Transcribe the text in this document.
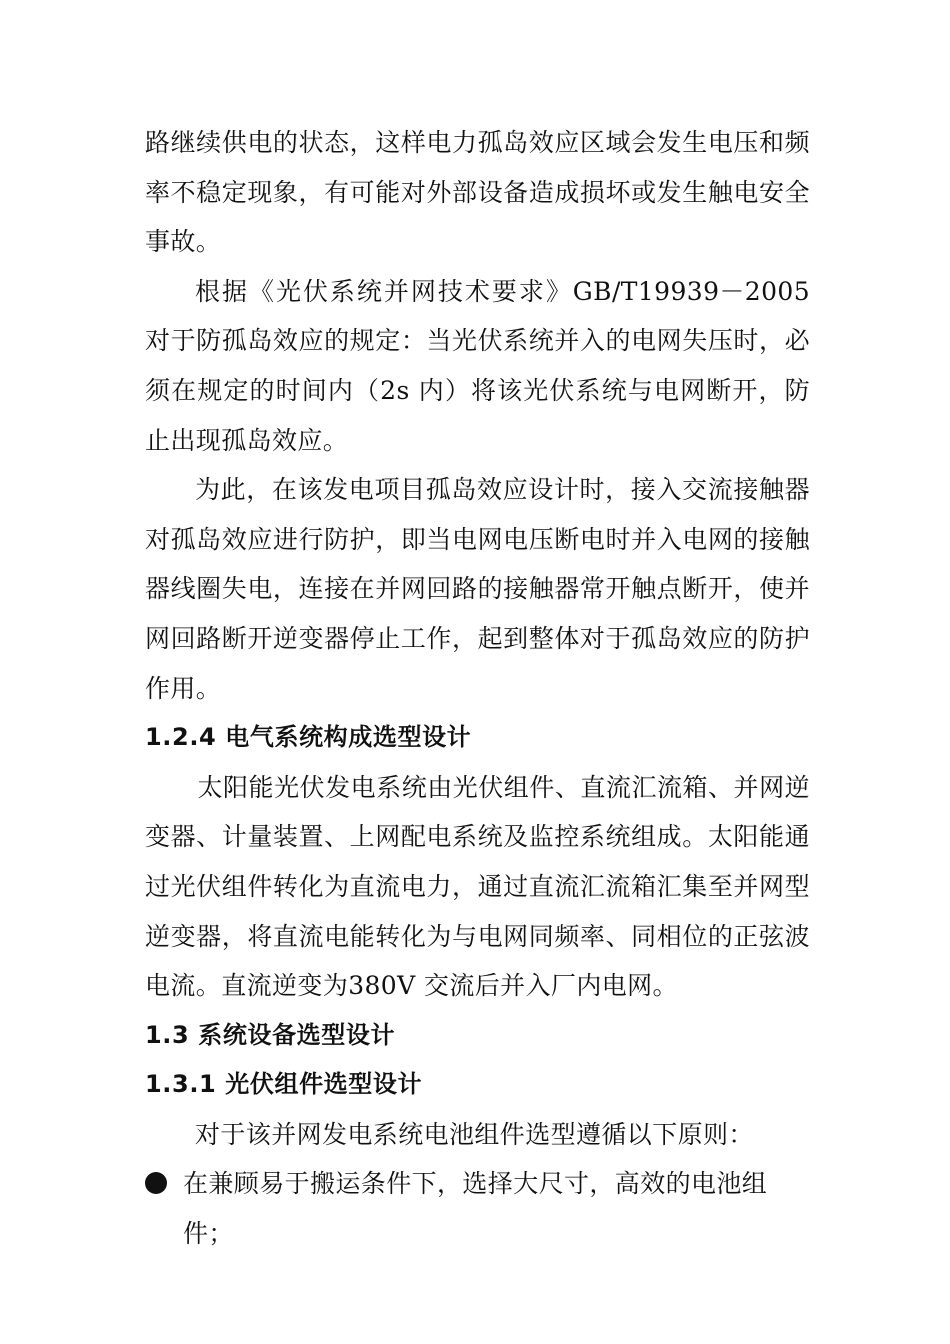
路继续供电的状态，这样电力孤岛效应区域会发生电压和频率不稳定现象，有可能对外部设备造成损坏或发生触电安全事故。

根据《光伏系统并网技术要求》GB/T19939－2005 对于防孤岛效应的规定：当光伏系统并入的电网失压时，必须在规定的时间内（2s 内）将该光伏系统与电网断开，防止出现孤岛效应。

为此，在该发电项目孤岛效应设计时，接入交流接触器对孤岛效应进行防护，即当电网电压断电时并入电网的接触器线圈失电，连接在并网回路的接触器常开触点断开，使并网回路断开逆变器停止工作，起到整体对于孤岛效应的防护作用。

1.2.4 电气系统构成选型设计

太阳能光伏发电系统由光伏组件、直流汇流箱、并网逆变器、计量装置、上网配电系统及监控系统组成。太阳能通过光伏组件转化为直流电力，通过直流汇流箱汇集至并网型逆变器，将直流电能转化为与电网同频率、同相位的正弦波电流。直流逆变为380V 交流后并入厂内电网。

1.3 系统设备选型设计

1.3.1 光伏组件选型设计

对于该并网发电系统电池组件选型遵循以下原则：

在兼顾易于搬运条件下，选择大尺寸，高效的电池组件；
